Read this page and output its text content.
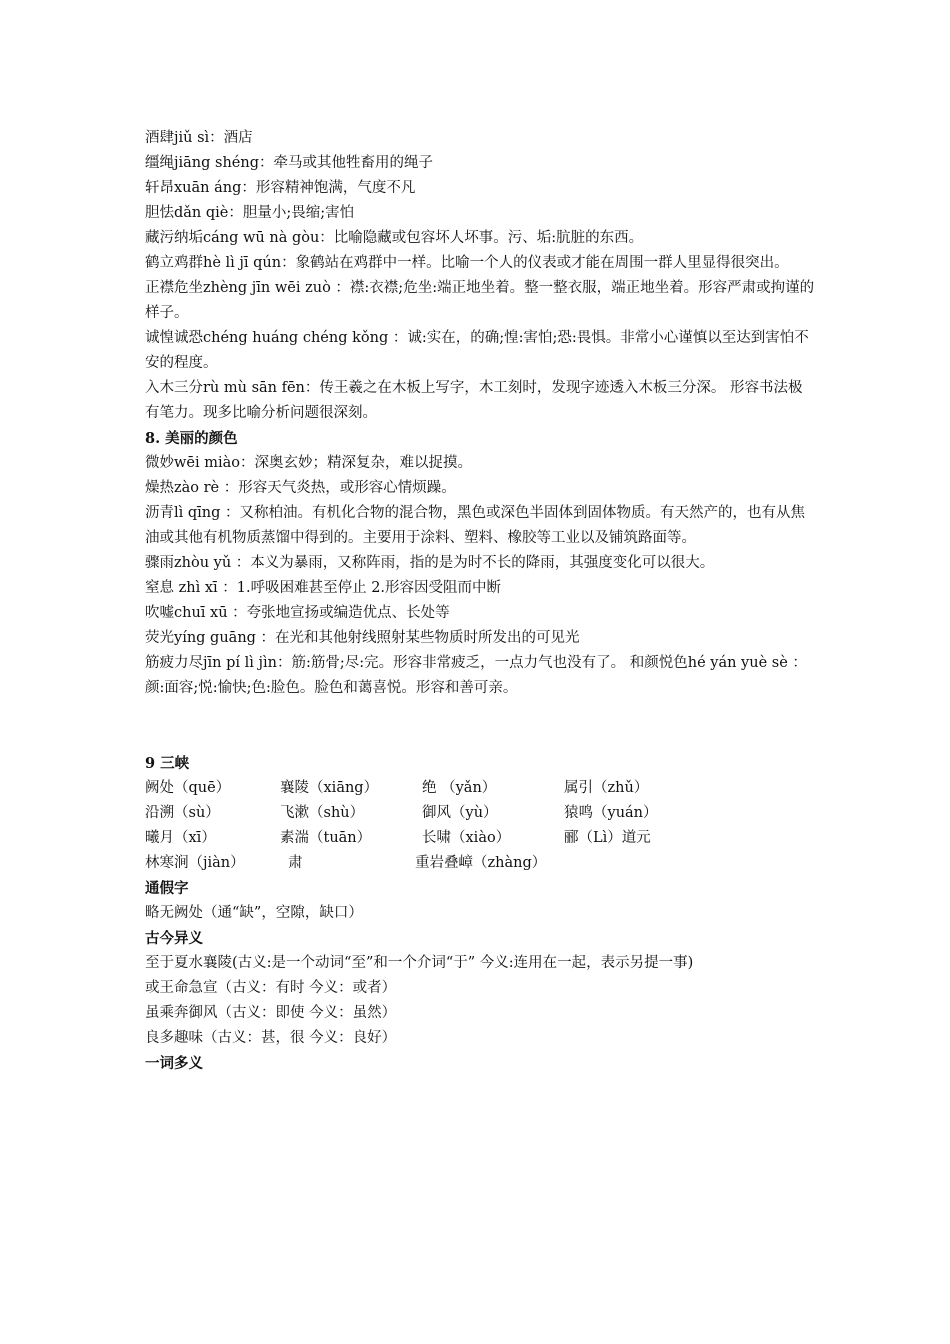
酒肆jiǔ sì：酒店
缰绳jiāng shéng：牵马或其他牲畜用的绳子
轩昂xuān áng：形容精神饱满，气度不凡
胆怯dǎn qiè：胆量小;畏缩;害怕
藏污纳垢cáng wū nà gòu：比喻隐藏或包容坏人坏事。污、垢:肮脏的东西。
鹤立鸡群hè lì jī qún：象鹤站在鸡群中一样。比喻一个人的仪表或才能在周围一群人里显得很突出。
正襟危坐zhèng jīn wēi zuò ：襟:衣襟;危坐:端正地坐着。整一整衣服，端正地坐着。形容严肃或拘谨的样子。
诚惶诚恐chéng huáng chéng kǒng ：诚:实在，的确;惶:害怕;恐:畏惧。非常小心谨慎以至达到害怕不安的程度。
入木三分rù mù sān fēn：传王羲之在木板上写字，木工刻时，发现字迹透入木板三分深。 形容书法极有笔力。现多比喻分析问题很深刻。
8. 美丽的颜色
微妙wēi miào：深奥玄妙；精深复杂，难以捉摸。
燥热zào rè ：形容天气炎热，或形容心情烦躁。
沥青lì qīng ：又称柏油。有机化合物的混合物，黑色或深色半固体到固体物质。有天然产的，也有从焦油或其他有机物质蒸馏中得到的。主要用于涂料、塑料、橡胶等工业以及铺筑路面等。
骤雨zhòu yǔ ：本义为暴雨，又称阵雨，指的是为时不长的降雨，其强度变化可以很大。
窒息 zhì xī ：1.呼吸困难甚至停止 2.形容因受阻而中断
吹嘘chuī xū ：夸张地宣扬或编造优点、长处等
荧光yíng guāng ：在光和其他射线照射某些物质时所发出的可见光
筋疲力尽jīn pí lì jìn：筋:筋骨;尽:完。形容非常疲乏，一点力气也没有了。 和颜悦色hé yán yuè sè ：颜:面容;悦:愉快;色:脸色。脸色和蔼喜悦。形容和善可亲。
9 三峡
阙处（quē）	襄陵（xiāng）	绝 （yǎn）	属引（zhǔ）
沿溯（sù）	飞漱（shù）	御风（yù）	猿鸣（yuán）
曦月（xī）	素湍（tuān）	长啸（xiào）	郦（Lì）道元
林寒涧（jiàn）	肃	重岩叠嶂（zhàng）
通假字
略无阙处（通“缺”，空隙，缺口）
古今异义
至于夏水襄陵(古义:是一个动词“至”和一个介词“于” 今义:连用在一起，表示另提一事)
或王命急宣（古义：有时 今义：或者）
虽乘奔御风（古义：即使 今义：虽然）
良多趣味（古义：甚，很 今义：良好）
一词多义
